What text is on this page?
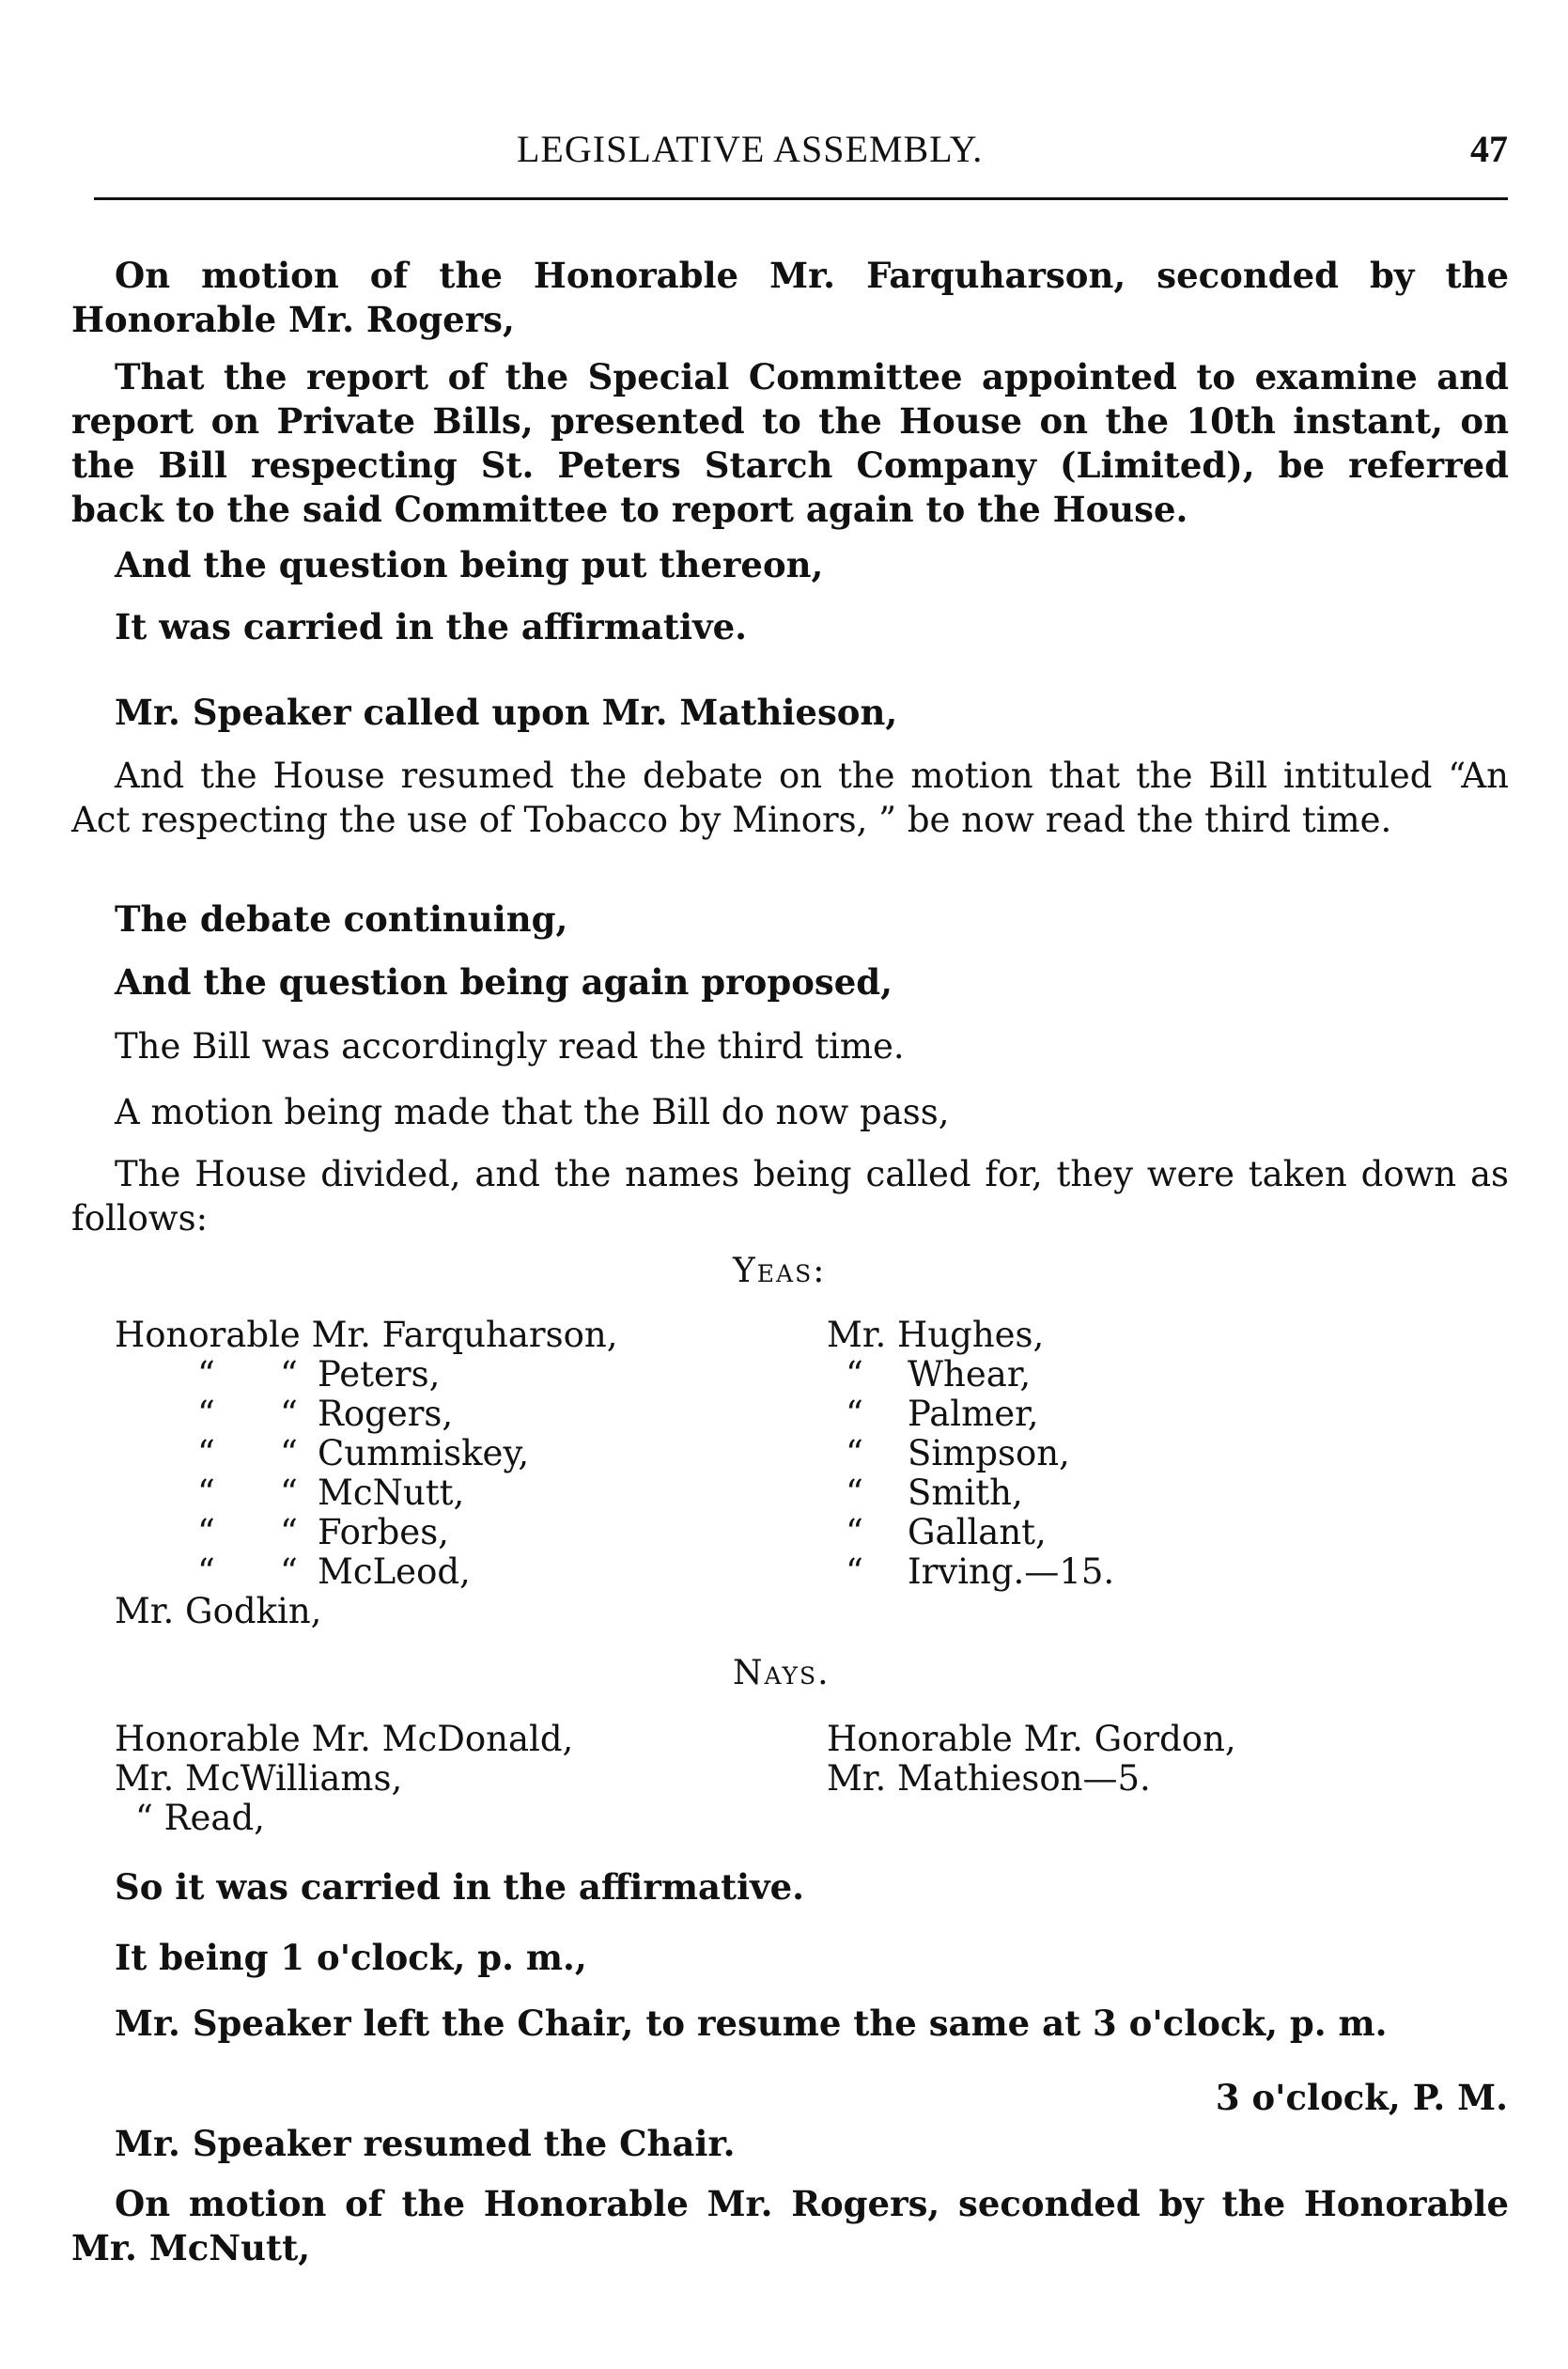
LEGISLATIVE ASSEMBLY.	47
On motion of the Honorable Mr. Farquharson, seconded by the Honorable Mr. Rogers,
That the report of the Special Committee appointed to examine and report on Private Bills, presented to the House on the 10th instant, on the Bill respecting St. Peters Starch Company (Limited), be referred back to the said Committee to report again to the House.
And the question being put thereon,
It was carried in the affirmative.
Mr. Speaker called upon Mr. Mathieson,
And the House resumed the debate on the motion that the Bill intituled “An Act respecting the use of Tobacco by Minors, ” be now read the third time.
The debate continuing,
And the question being again proposed,
The Bill was accordingly read the third time.
A motion being made that the Bill do now pass,
The House divided, and the names being called for, they were taken down as follows:
Yeas:
Honorable Mr. Farquharson,
“ “ Peters,
“ “ Rogers,
“ “ Cummiskey,
“ “ McNutt,
“ “ Forbes,
“ “ McLeod,
Mr. Godkin,
Mr. Hughes,
“ Whear,
“ Palmer,
“ Simpson,
“ Smith,
“ Gallant,
“ Irving.—15.
Nays.
Honorable Mr. McDonald,
Mr. McWilliams,
“ Read,
Honorable Mr. Gordon,
Mr. Mathieson—5.
So it was carried in the affirmative.
It being 1 o'clock, p. m.,
Mr. Speaker left the Chair, to resume the same at 3 o'clock, p. m.
3 o'clock, P. M.
Mr. Speaker resumed the Chair.
On motion of the Honorable Mr. Rogers, seconded by the Honorable Mr. McNutt,
